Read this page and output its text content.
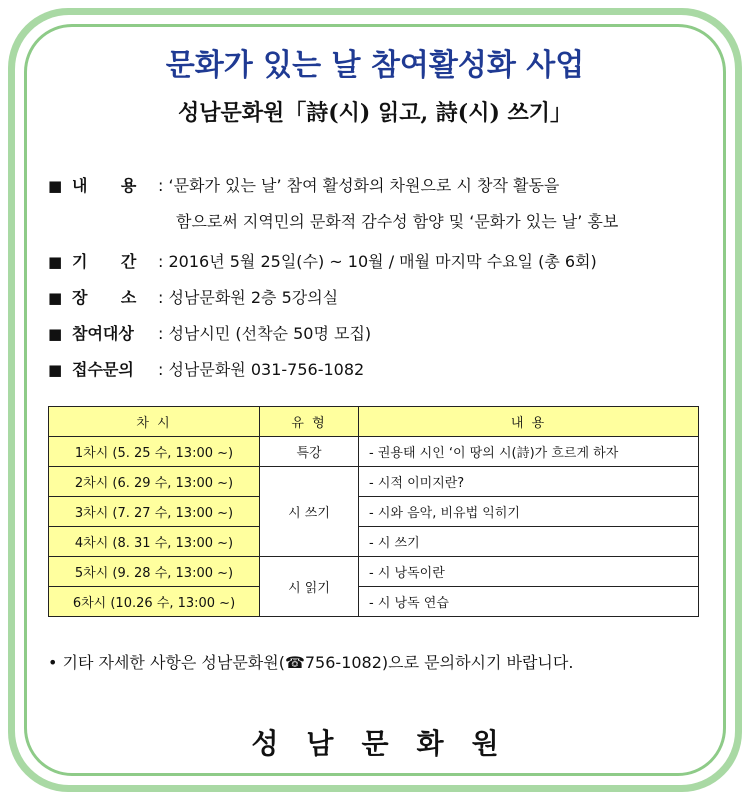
문화가 있는 날 참여활성화 사업
성남문화원「詩(시) 읽고, 詩(시) 쓰기」
■ 내      용 : ‘문화가 있는 날’ 참여 활성화의 차원으로 시 창작 활동을
함으로써 지역민의 문화적 감수성 함양 및 ‘문화가 있는 날’ 홍보
■ 기      간 : 2016년 5월 25일(수) ~ 10월 / 매월 마지막 수요일 (총 6회)
■ 장      소 : 성남문화원 2층 5강의실
■ 참여대상 : 성남시민 (선착순 50명 모집)
■ 접수문의 : 성남문화원 031-756-1082
차 시	유 형	내 용
1차시 (5. 25 수, 13:00 ~)	특강	- 권용태 시인 ‘이 땅의 시(詩)가 흐르게 하자
2차시 (6. 29 수, 13:00 ~)	시 쓰기	- 시적 이미지란?
3차시 (7. 27 수, 13:00 ~)		- 시와 음악, 비유법 익히기
4차시 (8. 31 수, 13:00 ~)		- 시 쓰기
5차시 (9. 28 수, 13:00 ~)	시 읽기	- 시 낭독이란
6차시 (10.26 수, 13:00 ~)		- 시 낭독 연습
• 기타 자세한 사항은 성남문화원(☎756-1082)으로 문의하시기 바랍니다.
성남문화원
